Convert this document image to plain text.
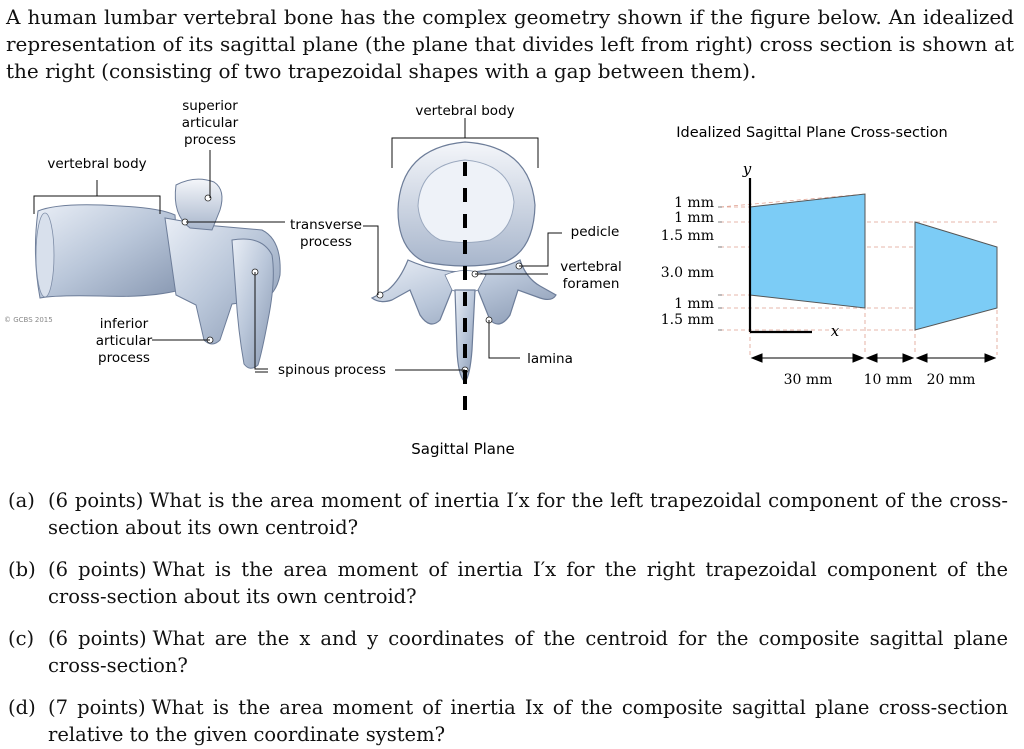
A human lumbar vertebral bone has the complex geometry shown if the figure below. An idealized representation of its sagittal plane (the plane that divides left from right) cross section is shown at the right (consisting of two trapezoidal shapes with a gap between them).

vertebral body
superior
articular
process
inferior
articular
process
© GCBS 2015
vertebral body
transverse
process
pedicle
vertebral
foramen
lamina
spinous process
Sagittal Plane
Idealized Sagittal Plane Cross-section
y
x
1 mm
1 mm
1.5 mm
3.0 mm
1 mm
1.5 mm
30 mm 10 mm 20 mm
(a) (6 points) What is the area moment of inertia I′x for the left trapezoidal component of the cross-section about its own centroid?
(b) (6 points) What is the area moment of inertia I′x for the right trapezoidal component of the cross-section about its own centroid?
(c) (6 points) What are the x and y coordinates of the centroid for the composite sagittal plane cross-section?
(d) (7 points) What is the area moment of inertia Ix of the composite sagittal plane cross-section relative to the given coordinate system?
